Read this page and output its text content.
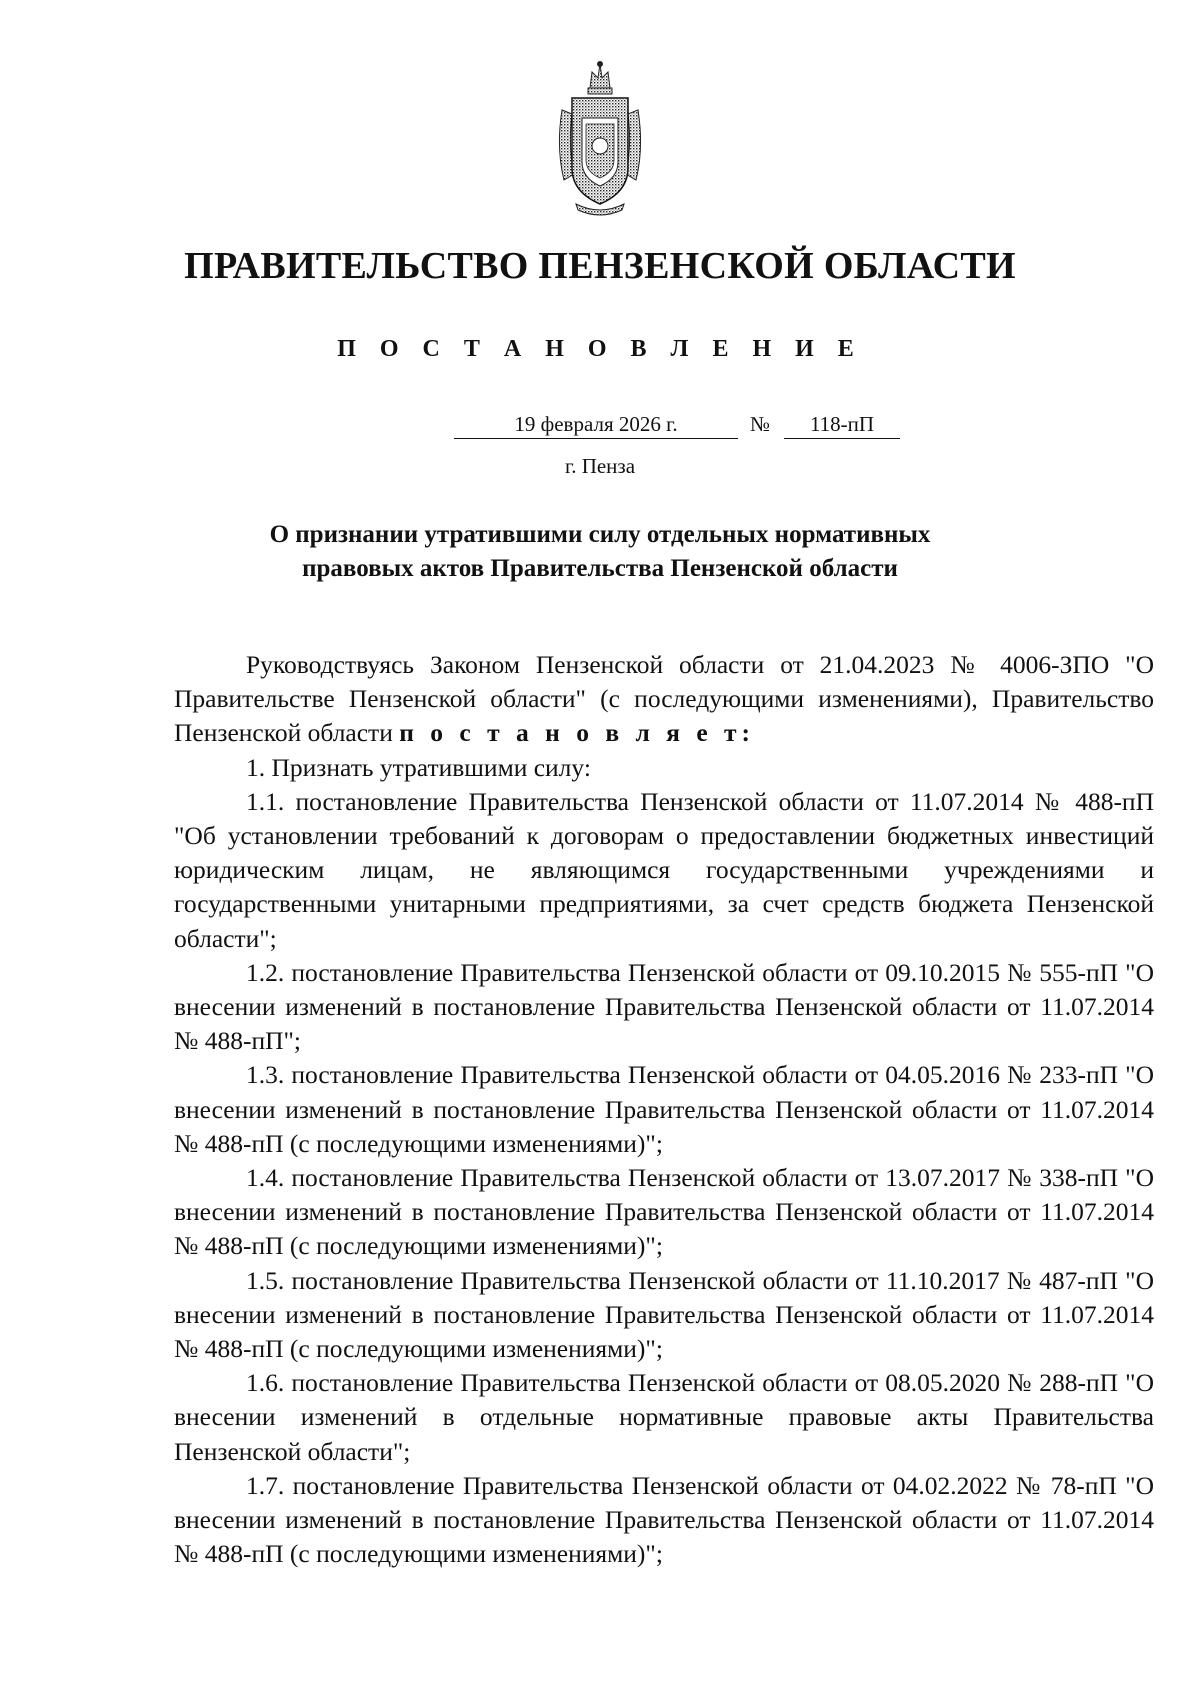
ПРАВИТЕЛЬСТВО ПЕНЗЕНСКОЙ ОБЛАСТИ
П О С Т А Н О В Л Е Н И Е
19 февраля 2026 г.	№	118-пП
г. Пенза
О признании утратившими силу отдельных нормативных
правовых актов Правительства Пензенской области

Руководствуясь Законом Пензенской области от 21.04.2023 № 4006-ЗПО "О Правительстве Пензенской области" (с последующими изменениями), Правительство Пензенской области п о с т а н о в л я е т:

1. Признать утратившими силу:

1.1. постановление Правительства Пензенской области от 11.07.2014 № 488-пП "Об установлении требований к договорам о предоставлении бюджетных инвестиций юридическим лицам, не являющимся государственными учреждениями и государственными унитарными предприятиями, за счет средств бюджета Пензенской области";

1.2. постановление Правительства Пензенской области от 09.10.2015 № 555-пП "О внесении изменений в постановление Правительства Пензенской области от 11.07.2014 № 488-пП";

1.3. постановление Правительства Пензенской области от 04.05.2016 № 233-пП "О внесении изменений в постановление Правительства Пензенской области от 11.07.2014 № 488-пП (с последующими изменениями)";

1.4. постановление Правительства Пензенской области от 13.07.2017 № 338-пП "О внесении изменений в постановление Правительства Пензенской области от 11.07.2014 № 488-пП (с последующими изменениями)";

1.5. постановление Правительства Пензенской области от 11.10.2017 № 487-пП "О внесении изменений в постановление Правительства Пензенской области от 11.07.2014 № 488-пП (с последующими изменениями)";

1.6. постановление Правительства Пензенской области от 08.05.2020 № 288-пП "О внесении изменений в отдельные нормативные правовые акты Правительства Пензенской области";

1.7. постановление Правительства Пензенской области от 04.02.2022 № 78-пП "О внесении изменений в постановление Правительства Пензенской области от 11.07.2014 № 488-пП (с последующими изменениями)";
